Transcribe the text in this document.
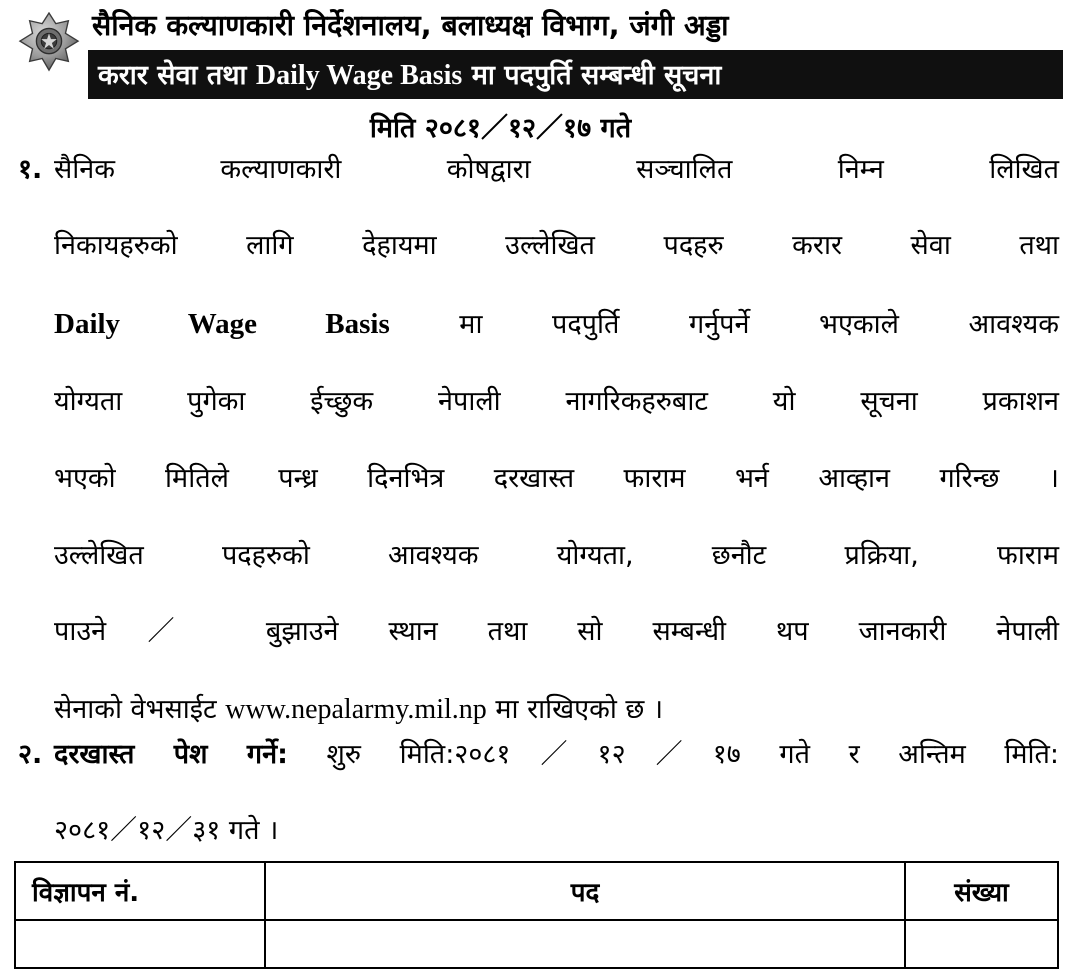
सैनिक कल्याणकारी निर्देशनालय, बलाध्यक्ष विभाग, जंगी अड्डा
करार सेवा तथा Daily Wage Basis मा पदपुर्ति सम्बन्धी सूचना
मिति २०८१／१२／१७ गते
१. सैनिक कल्याणकारी कोषद्वारा सञ्चालित निम्न लिखित
निकायहरुको लागि देहायमा उल्लेखित पदहरु करार सेवा तथा
Daily Wage Basis मा पदपुर्ति गर्नुपर्ने भएकाले आवश्यक
योग्यता पुगेका ईच्छुक नेपाली नागरिकहरुबाट यो सूचना प्रकाशन
भएको मितिले पन्ध्र दिनभित्र दरखास्त फाराम भर्न आव्हान गरिन्छ ।
उल्लेखित पदहरुको आवश्यक योग्यता, छनौट प्रक्रिया, फाराम
पाउने／ बुझाउने स्थान तथा सो सम्बन्धी थप जानकारी नेपाली
सेनाको वेभसाईट www.nepalarmy.mil.np मा राखिएको छ ।
२. दरखास्त पेश गर्ने: शुरु मिति:२०८१／१२／१७ गते र अन्तिम मिति:
२०८१／१२／३१ गते ।
विज्ञापन नं.	पद	संख्या
